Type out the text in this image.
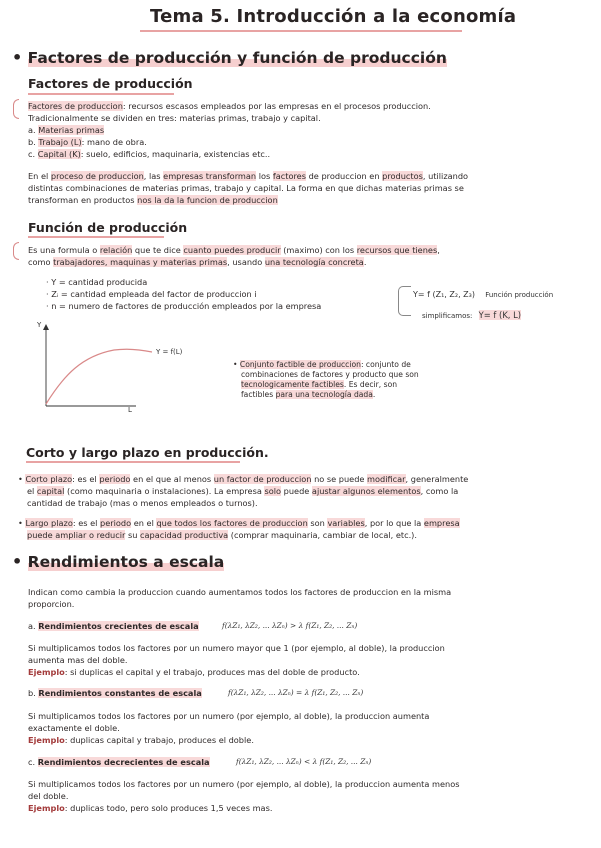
Tema 5. Introducción a la economía
• Factores de producción y función de producción
Factores de producción
Factores de produccion: recursos escasos empleados por las empresas en el procesos produccion.
Tradicionalmente se dividen en tres: materias primas, trabajo y capital.
a. Materias primas
b. Trabajo (L): mano de obra.
c. Capital (K): suelo, edificios, maquinaria, existencias etc..
En el proceso de produccion, las empresas transforman los factores de produccion en productos, utilizando
distintas combinaciones de materias primas, trabajo y capital. La forma en que dichas materias primas se
transforman en productos nos la da la funcion de produccion
Función de producción
Es una formula o relación que te dice cuanto puedes producir (maximo) con los recursos que tienes,
como trabajadores, maquinas y materias primas, usando una tecnología concreta.
· Y = cantidad producida
· Zᵢ = cantidad empleada del factor de produccion i
· n = numero de factores de producción empleados por la empresa
Y= f (Z₁, Z₂, Z₃) Función producción
simplificamos: Y= f (K, L)
Y
L
Y = f(L)
• Conjunto factible de produccion: conjunto de
combinaciones de factores y producto que son
tecnologicamente factibles. Es decir, son
factibles para una tecnología dada.
Corto y largo plazo en producción.
• Corto plazo: es el periodo en el que al menos un factor de produccion no se puede modificar, generalmente
el capital (como maquinaria o instalaciones). La empresa solo puede ajustar algunos elementos, como la
cantidad de trabajo (mas o menos empleados o turnos).
• Largo plazo: es el periodo en el que todos los factores de produccion son variables, por lo que la empresa
puede ampliar o reducir su capacidad productiva (comprar maquinaria, cambiar de local, etc.).
• Rendimientos a escala
Indican como cambia la produccion cuando aumentamos todos los factores de produccion en la misma
proporcion.
a. Rendimientos crecientes de escala	f(λZ₁, λZ₂, ... λZₙ) > λ f(Z₁, Z₂, ... Zₙ)
Si multiplicamos todos los factores por un numero mayor que 1 (por ejemplo, al doble), la produccion
aumenta mas del doble.
Ejemplo: si duplicas el capital y el trabajo, produces mas del doble de producto.
b. Rendimientos constantes de escala	f(λZ₁, λZ₂, ... λZₙ) = λ f(Z₁, Z₂, ... Zₙ)
Si multiplicamos todos los factores por un numero (por ejemplo, al doble), la produccion aumenta
exactamente el doble.
Ejemplo: duplicas capital y trabajo, produces el doble.
c. Rendimientos decrecientes de escala	f(λZ₁, λZ₂, ... λZₙ) < λ f(Z₁, Z₂, ... Zₙ)
Si multiplicamos todos los factores por un numero (por ejemplo, al doble), la produccion aumenta menos
del doble.
Ejemplo: duplicas todo, pero solo produces 1,5 veces mas.
